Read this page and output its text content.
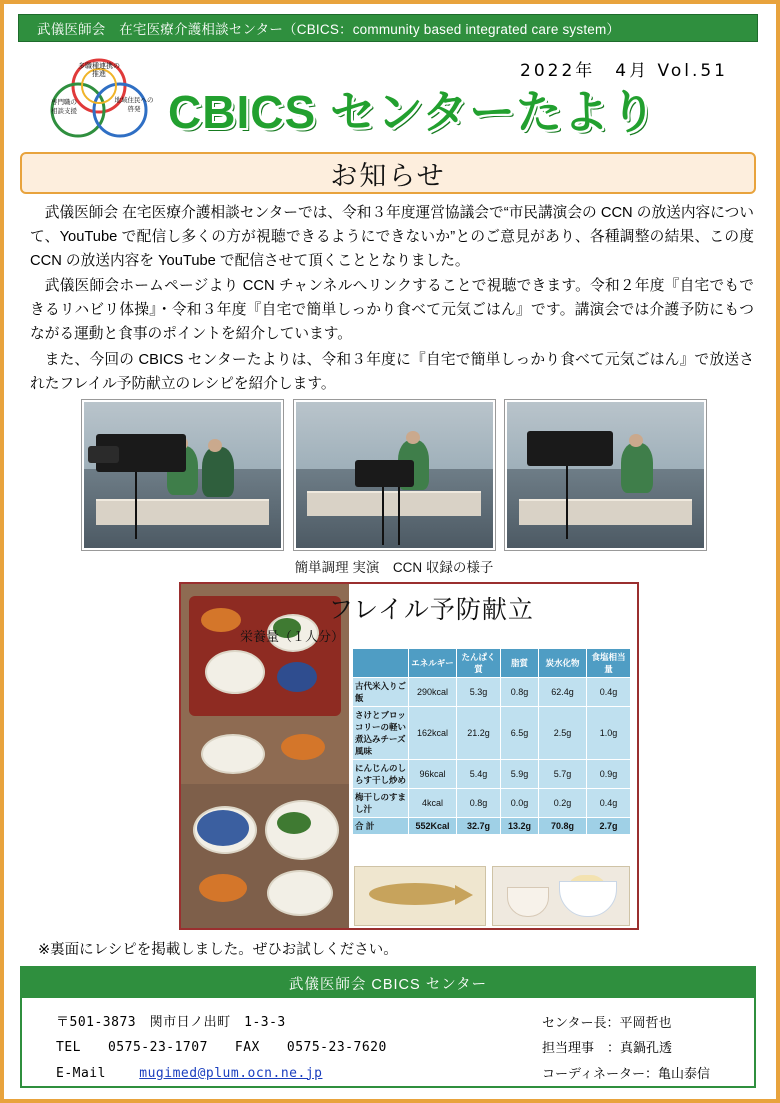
武儀医師会　在宅医療介護相談センター（CBICS：community based integrated care system）
多職種連携の
推進
専門職の
相談支援
地域住民への
啓発
2022年　4月 Vol.51
CBICS センターたより
お知らせ

武儀医師会 在宅医療介護相談センターでは、令和３年度運営協議会で“市民講演会の CCN の放送内容について、YouTube で配信し多くの方が視聴できるようにできないか”とのご意見があり、各種調整の結果、この度 CCN の放送内容を YouTube で配信させて頂くこととなりました。

武儀医師会ホームページより CCN チャンネルへリンクすることで視聴できます。令和２年度『自宅でもできるリハビリ体操』・令和３年度『自宅で簡単しっかり食べて元気ごはん』です。講演会では介護予防にもつながる運動と食事のポイントを紹介しています。

また、今回の CBICS センターたよりは、令和３年度に『自宅で簡単しっかり食べて元気ごはん』で放送されたフレイル予防献立のレシピを紹介します。

簡単調理 実演　CCN 収録の様子
フレイル予防献立
栄養量（１人分）
	エネルギー	たんぱく質	脂質	炭水化物	食塩相当量
古代米入りご飯	290kcal	5.3g	0.8g	62.4g	0.4g
さけとブロッコリーの軽い煮込みチーズ風味	162kcal	21.2g	6.5g	2.5g	1.0g
にんじんのしらす干し炒め	96kcal	5.4g	5.9g	5.7g	0.9g
梅干しのすまし汁	4kcal	0.8g	0.0g	0.2g	0.4g
合 計	552Kcal	32.7g	13.2g	70.8g	2.7g
※裏面にレシピを掲載しました。ぜひお試しください。
武儀医師会 CBICS センター
〒501-3873　関市日ノ出町　1-3-3
TEL　　0575-23-1707　　FAX　　0575-23-7620
E-Mail	mugimed@plum.ocn.ne.jp
センター長：平岡哲也
担当理事　：真鍋孔透
コーディネーター：亀山泰信
